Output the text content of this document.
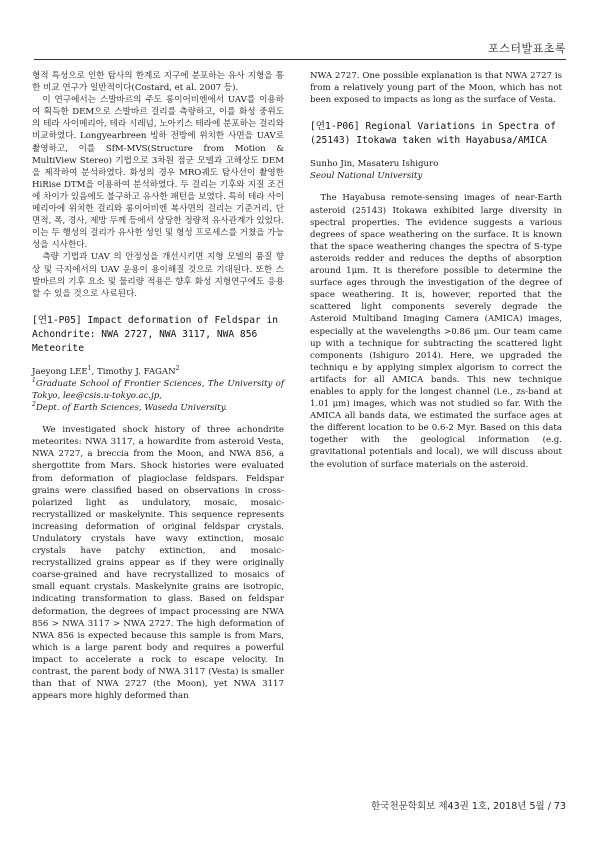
포스터발표초록

형적 특성으로 인한 탐사의 한계로 지구에 분포하는 유사 지형을 통한 비교 연구가 일반적이다(Costard, et al. 2007 등).

이 연구에서는 스발바르의 주도 롱이어비엔에서 UAV를 이용하여 획득한 DEM으로 스발바르 걸리를 측량하고, 이를 화성 중위도의 테라 사이메리아, 테라 시레넘, 노아키스 테라에 분포하는 걸리와 비교하였다. Longyearbreen 빙하 전방에 위치한 사면을 UAV로 촬영하고, 이를 SfM-MVS(Structure from Motion & MultiView Stereo) 기법으로 3차원 점군 모델과 고해상도 DEM을 제작하여 분석하였다. 화성의 경우 MRO궤도 탐사선이 촬영한 HiRise DTM을 이용하여 분석하였다. 두 걸리는 기후와 지질 조건에 차이가 있음에도 불구하고 유사한 패턴을 보였다. 특히 테라 사이메리아에 위치한 걸리와 롱이어비엔 복사면의 걸리는 기준거리, 단면적, 폭, 경사, 제방 두께 등에서 상당한 정량적 유사관계가 있었다. 이는 두 행성의 걸리가 유사한 성인 및 형성 프로세스를 거쳤을 가능성을 시사한다.

측량 기법과 UAV 의 안정성을 개선시키면 지형 모델의 품질 향상 및 극지에서의 UAV 운용이 용이해질 것으로 기대된다. 또한 스발바르의 기후 요소 및 물리량 적용은 향후 화성 지형연구에도 응용할 수 있을 것으로 사료된다.

[연1-P05] Impact deformation of Feldspar in Achondrite: NWA 2727, NWA 3117, NWA 856 Meteorite

Jaeyong LEE$^1$, Timothy J. FAGAN$^2$

$^1$Graduate School of Frontier Sciences, The University of Tokyo, lee@csis.u-tokyo.ac.jp,

$^2$Dept. of Earth Sciences, Waseda University.

We investigated shock history of three achondrite meteorites: NWA 3117, a howardite from asteroid Vesta, NWA 2727, a breccia from the Moon, and NWA 856, a shergottite from Mars. Shock histories were evaluated from deformation of plagioclase feldspars. Feldspar grains were classified based on observations in cross-polarized light as undulatory, mosaic, mosaic-recrystallized or maskelynite. This sequence represents increasing deformation of original feldspar crystals. Undulatory crystals have wavy extinction, mosaic crystals have patchy extinction, and mosaic-recrystallized grains appear as if they were originally coarse-grained and have recrystallized to mosaics of small equant crystals. Maskelynite grains are isotropic, indicating transformation to glass. Based on feldspar deformation, the degrees of impact processing are NWA 856 > NWA 3117 > NWA 2727. The high deformation of NWA 856 is expected because this sample is from Mars, which is a large parent body and requires a powerful impact to accelerate a rock to escape velocity. In contrast, the parent body of NWA 3117 (Vesta) is smaller than that of NWA 2727 (the Moon), yet NWA 3117 appears more highly deformed than

NWA 2727. One possible explanation is that NWA 2727 is from a relatively young part of the Moon, which has not been exposed to impacts as long as the surface of Vesta.

[연1-P06] Regional Variations in Spectra of (25143) Itokawa taken with Hayabusa/AMICA

Sunho Jin, Masateru Ishiguro

Seoul National University

The Hayabusa remote-sensing images of near-Earth asteroid (25143) Itokawa exhibited large diversity in spectral properties. The evidence suggests a various degrees of space weathering on the surface. It is known that the space weathering changes the spectra of S-type asteroids redder and reduces the depths of absorption around 1μm. It is therefore possible to determine the surface ages through the investigation of the degree of space weathering. It is, however, reported that the scattered light components severely degrade the Asteroid Multiband Imaging Camera (AMICA) images, especially at the wavelengths >0.86 μm. Our team came up with a technique for subtracting the scattered light components (Ishiguro 2014). Here, we upgraded the techniqu e by applying simplex algorism to correct the artifacts for all AMICA bands. This new technique enables to apply for the longest channel (i.e., zs-band at 1.01 μm) images, which was not studied so far. With the AMICA all bands data, we estimated the surface ages at the different location to be 0.6-2 Myr. Based on this data together with the geological information (e.g. gravitational potentials and local), we will discuss about the evolution of surface materials on the asteroid.

한국천문학회보 제43권 1호, 2018년 5월 / 73
